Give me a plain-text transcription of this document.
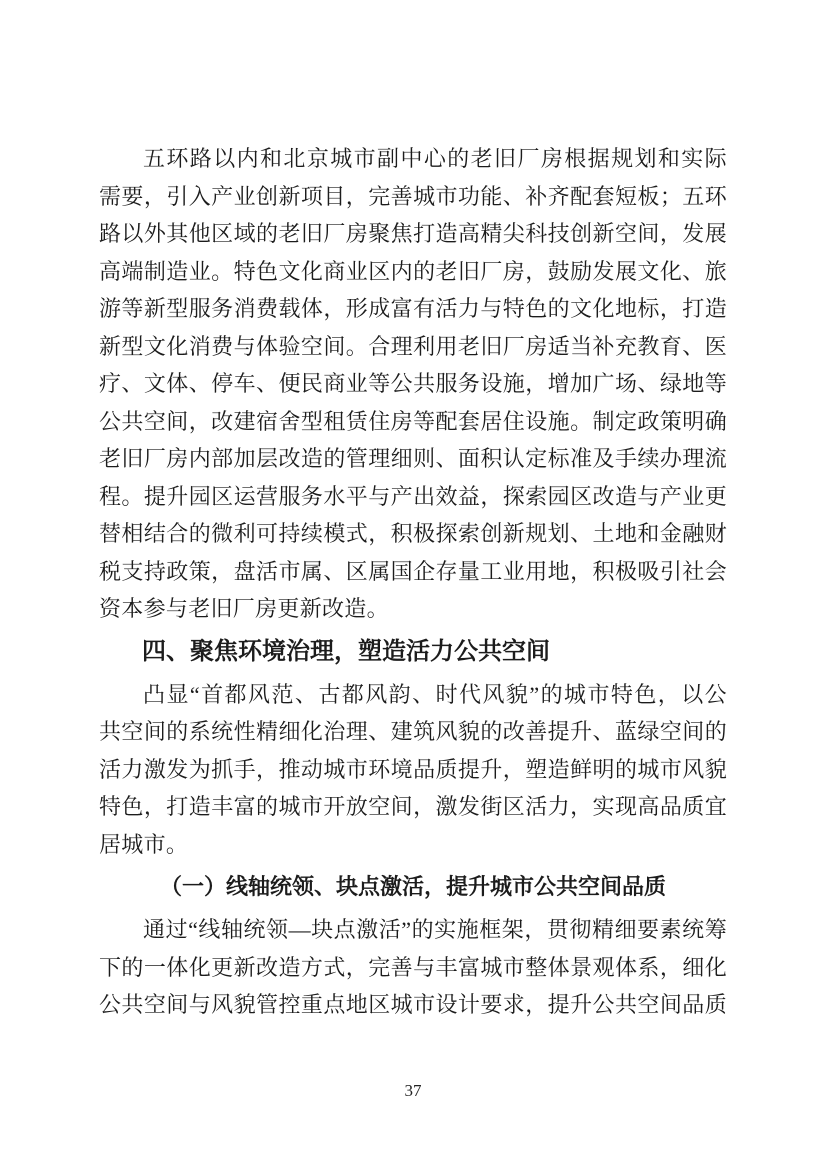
五环路以内和北京城市副中心的老旧厂房根据规划和实际
需要，引入产业创新项目，完善城市功能、补齐配套短板；五环
路以外其他区域的老旧厂房聚焦打造高精尖科技创新空间，发展
高端制造业。特色文化商业区内的老旧厂房，鼓励发展文化、旅
游等新型服务消费载体，形成富有活力与特色的文化地标，打造
新型文化消费与体验空间。合理利用老旧厂房适当补充教育、医
疗、文体、停车、便民商业等公共服务设施，增加广场、绿地等
公共空间，改建宿舍型租赁住房等配套居住设施。制定政策明确
老旧厂房内部加层改造的管理细则、面积认定标准及手续办理流
程。提升园区运营服务水平与产出效益，探索园区改造与产业更
替相结合的微利可持续模式，积极探索创新规划、土地和金融财
税支持政策，盘活市属、区属国企存量工业用地，积极吸引社会
资本参与老旧厂房更新改造。
四、聚焦环境治理，塑造活力公共空间
凸显“首都风范、古都风韵、时代风貌”的城市特色，以公
共空间的系统性精细化治理、建筑风貌的改善提升、蓝绿空间的
活力激发为抓手，推动城市环境品质提升，塑造鲜明的城市风貌
特色，打造丰富的城市开放空间，激发街区活力，实现高品质宜
居城市。
（一）线轴统领、块点激活，提升城市公共空间品质
通过“线轴统领—块点激活”的实施框架，贯彻精细要素统筹
下的一体化更新改造方式，完善与丰富城市整体景观体系，细化
公共空间与风貌管控重点地区城市设计要求，提升公共空间品质
37
